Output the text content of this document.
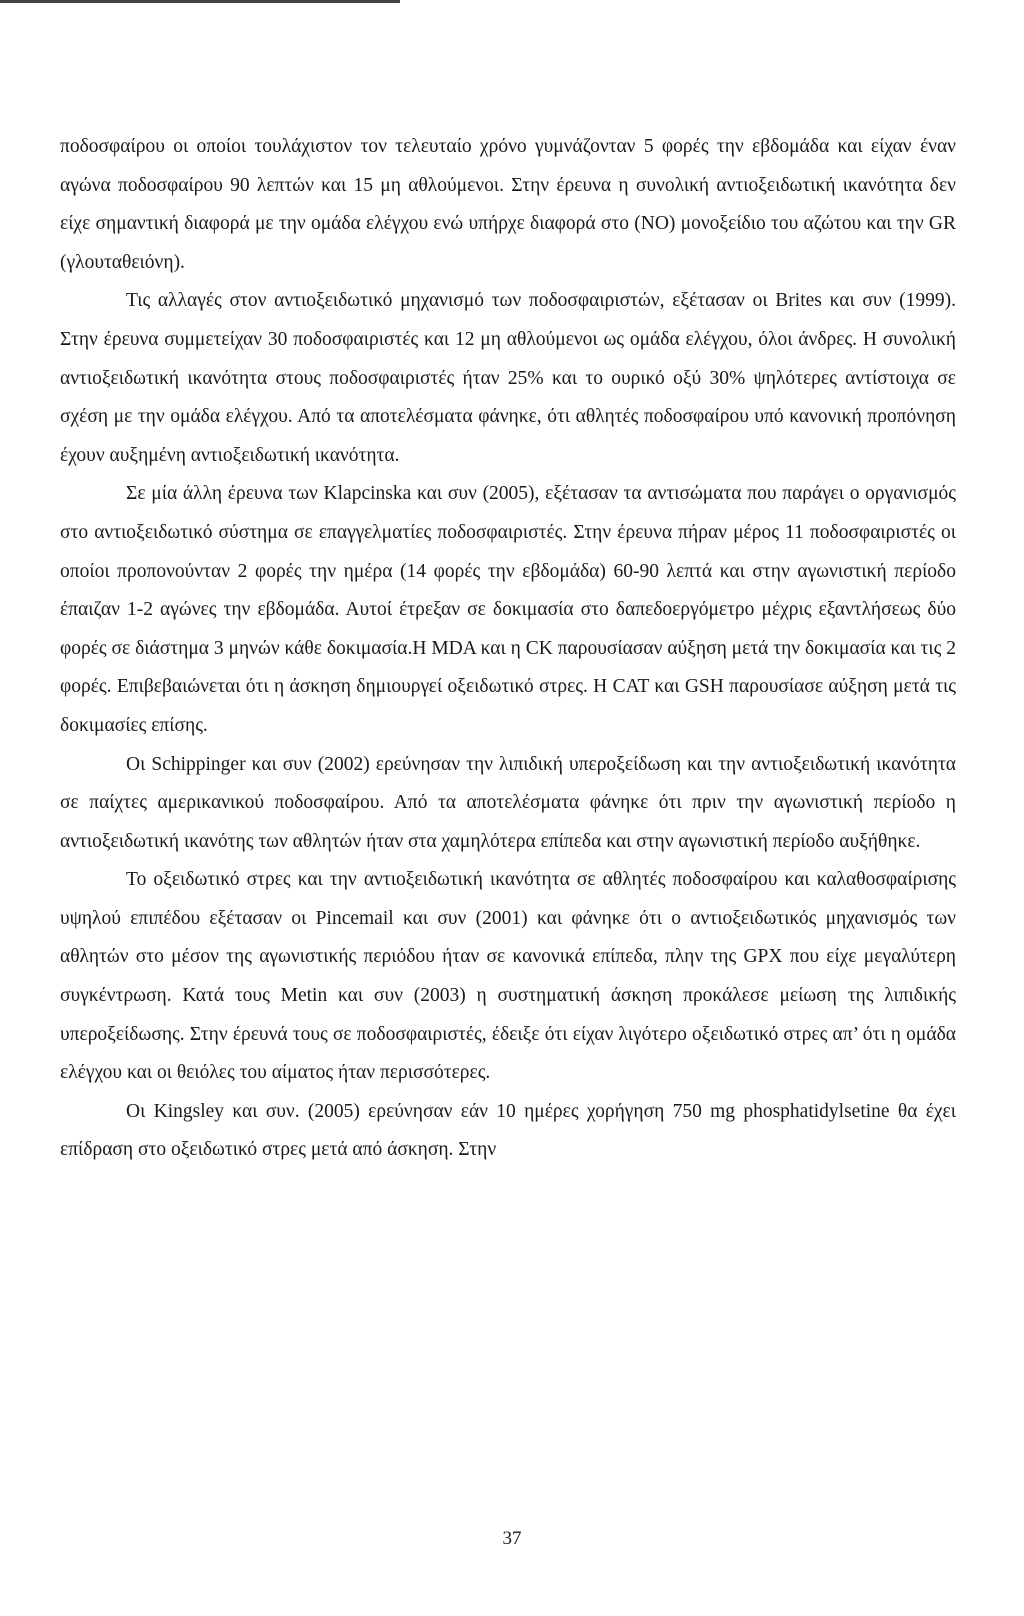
ποδοσφαίρου οι οποίοι τουλάχιστον τον τελευταίο χρόνο γυμνάζονταν 5 φορές την εβδομάδα και είχαν έναν αγώνα ποδοσφαίρου 90 λεπτών και 15 μη αθλούμενοι. Στην έρευνα η συνολική αντιοξειδωτική ικανότητα δεν είχε σημαντική διαφορά με την ομάδα ελέγχου ενώ υπήρχε διαφορά στο (ΝΟ) μονοξείδιο του αζώτου και την GR (γλουταθειόνη).

Τις αλλαγές στον αντιοξειδωτικό μηχανισμό των ποδοσφαιριστών, εξέτασαν οι Brites και συν (1999). Στην έρευνα συμμετείχαν 30 ποδοσφαιριστές και 12 μη αθλούμενοι ως ομάδα ελέγχου, όλοι άνδρες. Η συνολική αντιοξειδωτική ικανότητα στους ποδοσφαιριστές ήταν 25% και το ουρικό οξύ 30% ψηλότερες αντίστοιχα σε σχέση με την ομάδα ελέγχου. Από τα αποτελέσματα φάνηκε, ότι αθλητές ποδοσφαίρου υπό κανονική προπόνηση έχουν αυξημένη αντιοξειδωτική ικανότητα.

Σε μία άλλη έρευνα των Klapcinska και συν (2005), εξέτασαν τα αντισώματα που παράγει ο οργανισμός στο αντιοξειδωτικό σύστημα σε επαγγελματίες ποδοσφαιριστές. Στην έρευνα πήραν μέρος 11 ποδοσφαιριστές οι οποίοι προπονούνταν 2 φορές την ημέρα (14 φορές την εβδομάδα) 60-90 λεπτά και στην αγωνιστική περίοδο έπαιζαν 1-2 αγώνες την εβδομάδα. Αυτοί έτρεξαν σε δοκιμασία στο δαπεδοεργόμετρο μέχρις εξαντλήσεως δύο φορές σε διάστημα 3 μηνών κάθε δοκιμασία.Η MDA και η CK παρουσίασαν αύξηση μετά την δοκιμασία και τις 2 φορές. Επιβεβαιώνεται ότι η άσκηση δημιουργεί οξειδωτικό στρες. Η CAT και GSH παρουσίασε αύξηση μετά τις δοκιμασίες επίσης.

Οι Schippinger και συν (2002) ερεύνησαν την λιπιδική υπεροξείδωση και την αντιοξειδωτική ικανότητα σε παίχτες αμερικανικού ποδοσφαίρου. Από τα αποτελέσματα φάνηκε ότι πριν την αγωνιστική περίοδο η αντιοξειδωτική ικανότης των αθλητών ήταν στα χαμηλότερα επίπεδα και στην αγωνιστική περίοδο αυξήθηκε.

Το οξειδωτικό στρες και την αντιοξειδωτική ικανότητα σε αθλητές ποδοσφαίρου και καλαθοσφαίρισης υψηλού επιπέδου εξέτασαν οι Pincemail και συν (2001) και φάνηκε ότι ο αντιοξειδωτικός μηχανισμός των αθλητών στο μέσον της αγωνιστικής περιόδου ήταν σε κανονικά επίπεδα, πλην της GPX που είχε μεγαλύτερη συγκέντρωση. Κατά τους Metin και συν (2003) η συστηματική άσκηση προκάλεσε μείωση της λιπιδικής υπεροξείδωσης. Στην έρευνά τους σε ποδοσφαιριστές, έδειξε ότι είχαν λιγότερο οξειδωτικό στρες απ’ ότι η ομάδα ελέγχου και οι θειόλες του αίματος ήταν περισσότερες.

Οι Kingsley και συν. (2005) ερεύνησαν εάν 10 ημέρες χορήγηση 750 mg phosphatidylsetine θα έχει επίδραση στο οξειδωτικό στρες μετά από άσκηση. Στην

37
